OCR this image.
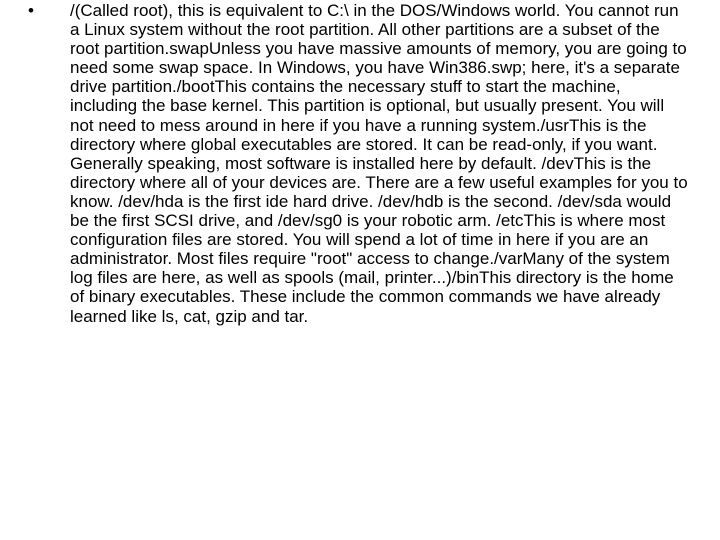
• /(Called root), this is equivalent to C:\ in the DOS/Windows world. You cannot run a Linux system without the root partition. All other partitions are a subset of the root partition.swapUnless you have massive amounts of memory, you are going to need some swap space. In Windows, you have Win386.swp; here, it's a separate drive partition./bootThis contains the necessary stuff to start the machine, including the base kernel. This partition is optional, but usually present. You will not need to mess around in here if you have a running system./usrThis is the directory where global executables are stored. It can be read-only, if you want. Generally speaking, most software is installed here by default. /devThis is the directory where all of your devices are. There are a few useful examples for you to know. /dev/hda is the first ide hard drive. /dev/hdb is the second. /dev/sda would be the first SCSI drive, and /dev/sg0 is your robotic arm. /etcThis is where most configuration files are stored. You will spend a lot of time in here if you are an administrator. Most files require "root" access to change./varMany of the system log files are here, as well as spools (mail, printer...)/binThis directory is the home of binary executables. These include the common commands we have already learned like ls, cat, gzip and tar.
